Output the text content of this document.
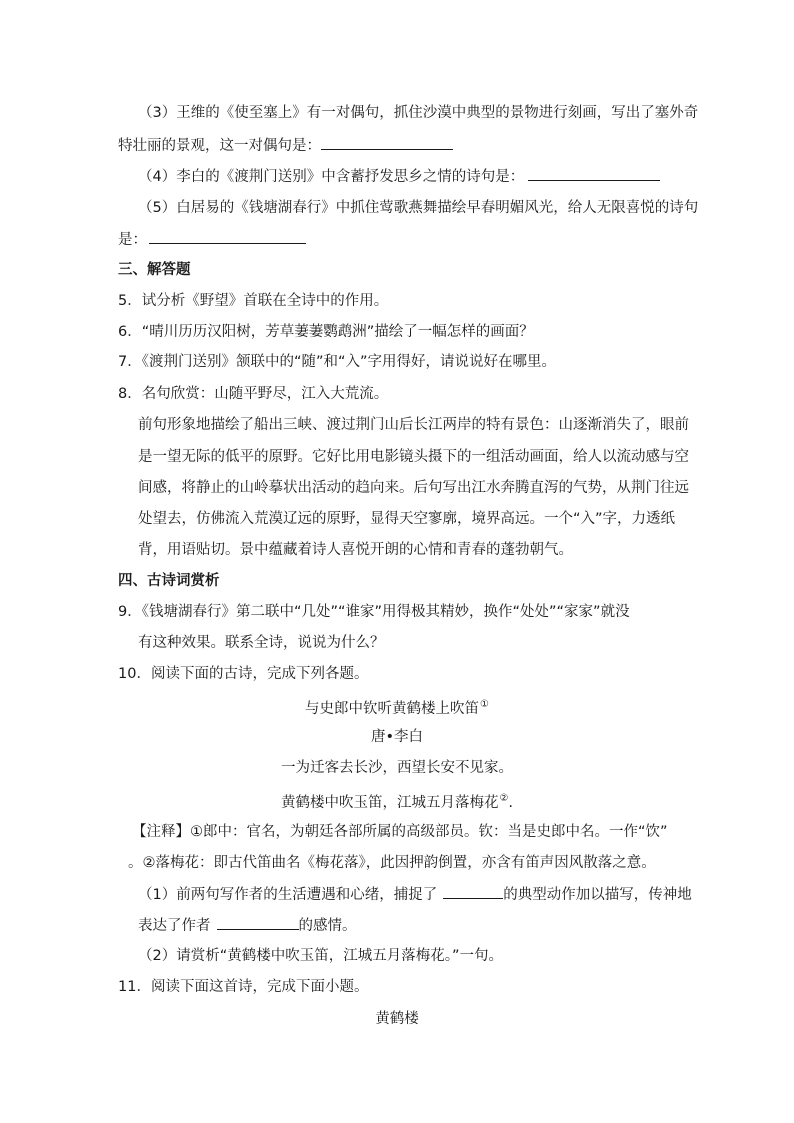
（3）王维的《使至塞上》有一对偶句，抓住沙漠中典型的景物进行刻画，写出了塞外奇
特壮丽的景观，这一对偶句是：
（4）李白的《渡荆门送别》中含蓄抒发思乡之情的诗句是：
（5）白居易的《钱塘湖春行》中抓住莺歌燕舞描绘早春明媚风光，给人无限喜悦的诗句
是：
三、解答题
5．试分析《野望》首联在全诗中的作用。
6．“晴川历历汉阳树，芳草萋萋鹦鹉洲”描绘了一幅怎样的画面？
7．《渡荆门送别》颔联中的“随”和“入”字用得好，请说说好在哪里。
8．名句欣赏：山随平野尽，江入大荒流。
前句形象地描绘了船出三峡、渡过荆门山后长江两岸的特有景色：山逐渐消失了，眼前
是一望无际的低平的原野。它好比用电影镜头摄下的一组活动画面，给人以流动感与空
间感，将静止的山岭摹状出活动的趋向来。后句写出江水奔腾直泻的气势，从荆门往远
处望去，仿佛流入荒漠辽远的原野，显得天空寥廓，境界高远。一个“入”字，力透纸
背，用语贴切。景中蕴藏着诗人喜悦开朗的心情和青春的蓬勃朝气。
四、古诗词赏析
9．《钱塘湖春行》第二联中“几处”“谁家”用得极其精妙，换作“处处”“家家”就没
有这种效果。联系全诗，说说为什么？
10．阅读下面的古诗，完成下列各题。
与史郎中钦听黄鹤楼上吹笛①
唐•李白
一为迁客去长沙，西望长安不见家。
黄鹤楼中吹玉笛，江城五月落梅花②.
【注释】①郎中：官名，为朝廷各部所属的高级部员。钦：当是史郎中名。一作“饮”
。②落梅花：即古代笛曲名《梅花落》，此因押韵倒置，亦含有笛声因风散落之意。
（1）前两句写作者的生活遭遇和心绪，捕捉了	的典型动作加以描写，传神地
表达了作者	的感情。
（2）请赏析“黄鹤楼中吹玉笛，江城五月落梅花。”一句。
11．阅读下面这首诗，完成下面小题。
黄鹤楼
